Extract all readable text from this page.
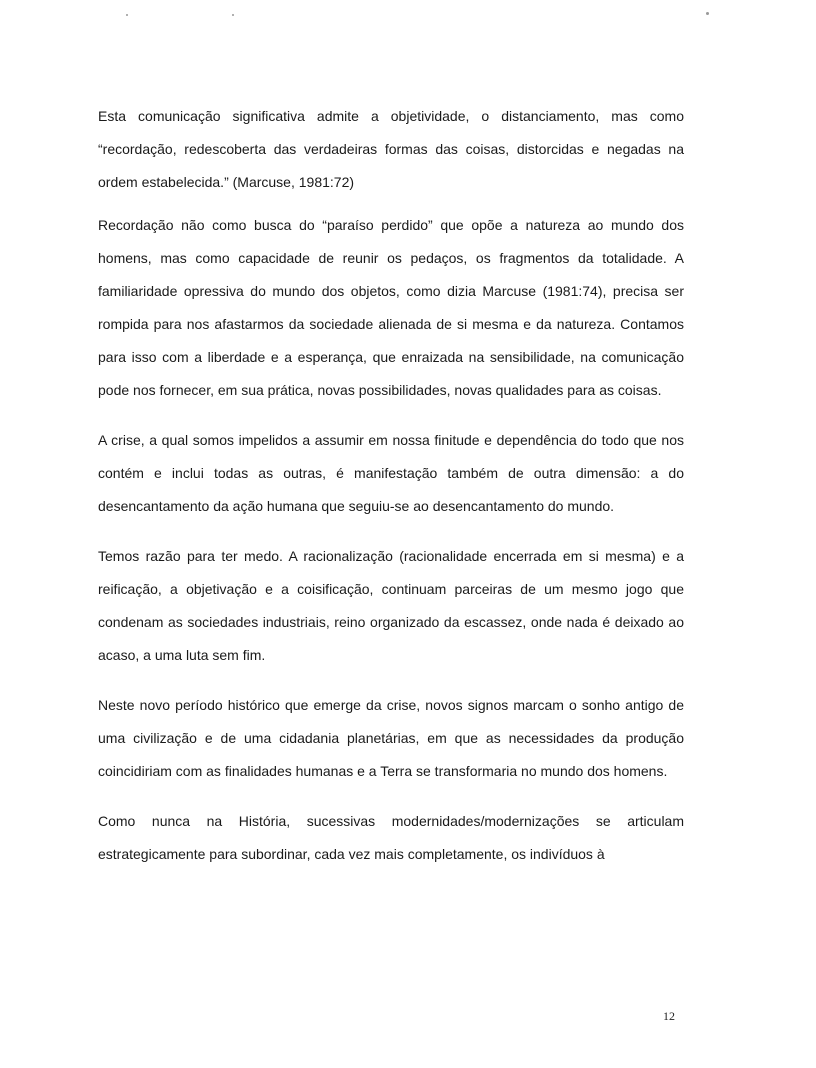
Esta comunicação significativa admite a objetividade, o distanciamento, mas como “recordação, redescoberta das verdadeiras formas das coisas, distorcidas e negadas na ordem estabelecida.” (Marcuse, 1981:72)

Recordação não como busca do “paraíso perdido” que opõe a natureza ao mundo dos homens, mas como capacidade de reunir os pedaços, os fragmentos da totalidade. A familiaridade opressiva do mundo dos objetos, como dizia Marcuse (1981:74), precisa ser rompida para nos afastarmos da sociedade alienada de si mesma e da natureza. Contamos para isso com a liberdade e a esperança, que enraizada na sensibilidade, na comunicação pode nos fornecer, em sua prática, novas possibilidades, novas qualidades para as coisas.

A crise, a qual somos impelidos a assumir em nossa finitude e dependência do todo que nos contém e inclui todas as outras, é manifestação também de outra dimensão: a do desencantamento da ação humana que seguiu-se ao desencantamento do mundo.

Temos razão para ter medo. A racionalização (racionalidade encerrada em si mesma) e a reificação, a objetivação e a coisificação, continuam parceiras de um mesmo jogo que condenam as sociedades industriais, reino organizado da escassez, onde nada é deixado ao acaso, a uma luta sem fim.

Neste novo período histórico que emerge da crise, novos signos marcam o sonho antigo de uma civilização e de uma cidadania planetárias, em que as necessidades da produção coincidiriam com as finalidades humanas e a Terra se transformaria no mundo dos homens.

Como nunca na História, sucessivas modernidades/modernizações se articulam estrategicamente para subordinar, cada vez mais completamente, os indivíduos à

12
